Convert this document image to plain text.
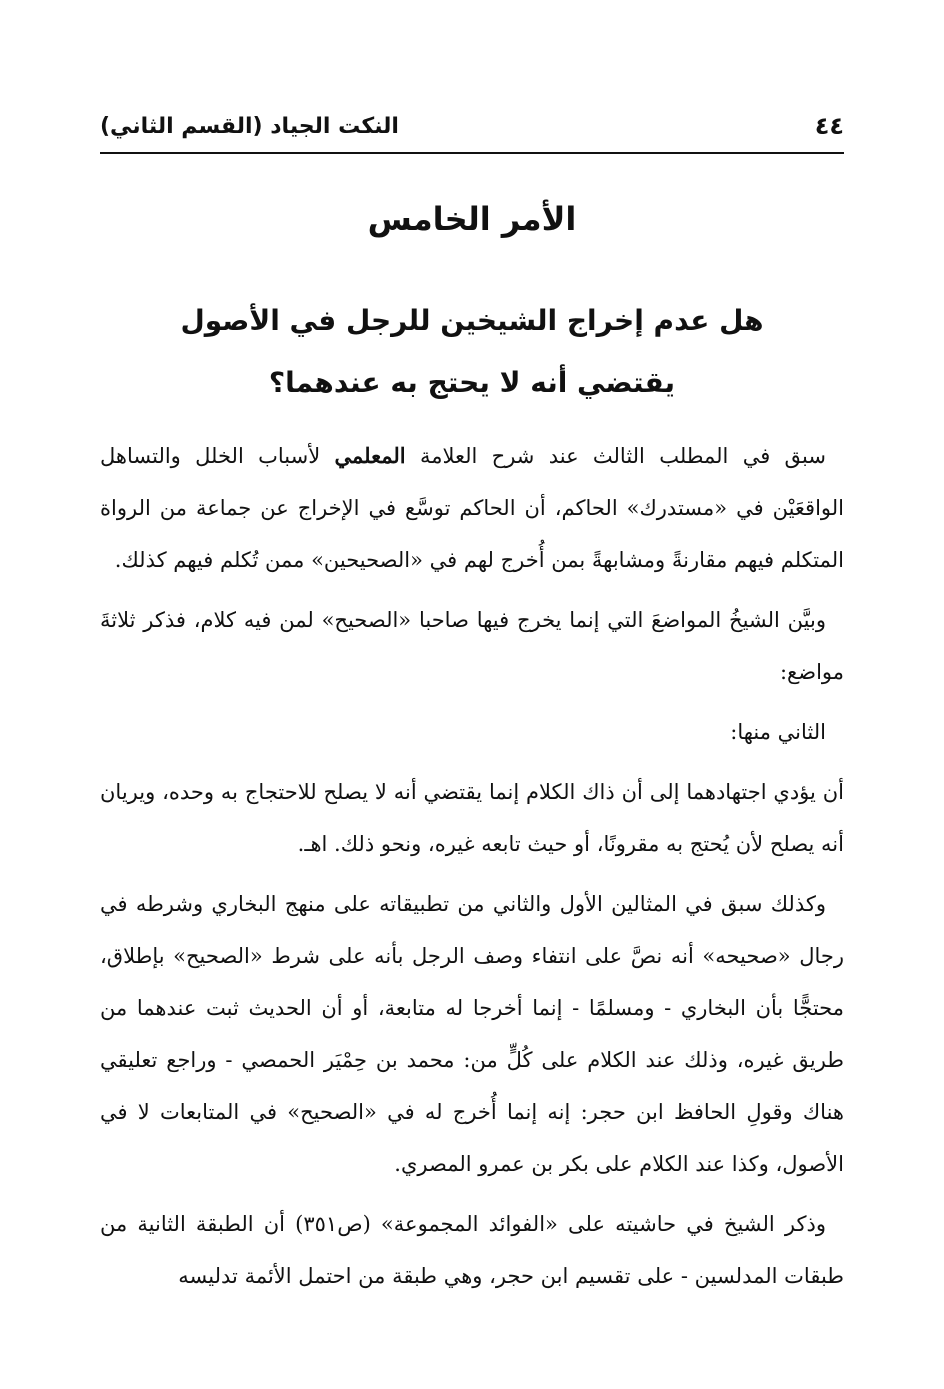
٤٤
النكت الجياد (القسم الثاني)
الأمر الخامس
هل عدم إخراج الشيخين للرجل في الأصول
يقتضي أنه لا يحتج به عندهما؟

سبق في المطلب الثالث عند شرح العلامة المعلمي لأسباب الخلل والتساهل الواقعَيْن في «مستدرك» الحاكم، أن الحاكم توسَّع في الإخراج عن جماعة من الرواة المتكلم فيهم مقارنةً ومشابهةً بمن أُخرج لهم في «الصحيحين» ممن تُكلم فيهم كذلك.

وبيَّن الشيخُ المواضعَ التي إنما يخرج فيها صاحبا «الصحيح» لمن فيه كلام، فذكر ثلاثةَ مواضع:

الثاني منها:

أن يؤدي اجتهادهما إلى أن ذاك الكلام إنما يقتضي أنه لا يصلح للاحتجاج به وحده، ويريان أنه يصلح لأن يُحتج به مقرونًا، أو حيث تابعه غيره، ونحو ذلك. اهـ.

وكذلك سبق في المثالين الأول والثاني من تطبيقاته على منهج البخاري وشرطه في رجال «صحيحه» أنه نصَّ على انتفاء وصف الرجل بأنه على شرط «الصحيح» بإطلاق، محتجًّا بأن البخاري - ومسلمًا - إنما أخرجا له متابعة، أو أن الحديث ثبت عندهما من طريق غيره، وذلك عند الكلام على كُلٍّ من: محمد بن حِمْيَر الحمصي - وراجع تعليقي هناك وقولِ الحافظ ابن حجر: إنه إنما أُخرج له في «الصحيح» في المتابعات لا في الأصول، وكذا عند الكلام على بكر بن عمرو المصري.

وذكر الشيخ في حاشيته على «الفوائد المجموعة» (ص٣٥١) أن الطبقة الثانية من طبقات المدلسين - على تقسيم ابن حجر، وهي طبقة من احتمل الأئمة تدليسه
